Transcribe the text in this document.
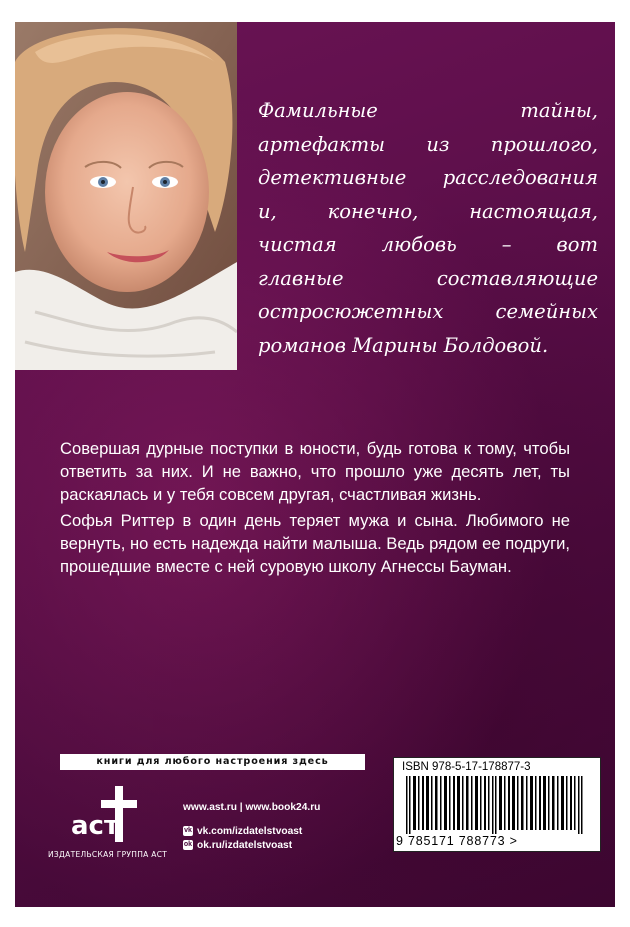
Фамильные тайны,
артефакты из прошлого,
детективные расследования
и, конечно, настоящая,
чистая любовь – вот
главные составляющие
остросюжетных семейных
романов Марины Болдовой.

Совершая дурные поступки в юности, будь готова к тому, чтобы ответить за них. И не важно, что прошло уже десять лет, ты раскаялась и у тебя совсем другая, счастливая жизнь.

Софья Риттер в один день теряет мужа и сына. Любимого не вернуть, но есть надежда найти малыша. Ведь рядом ее подруги, прошедшие вместе с ней суровую школу Агнессы Бауман.

книги для любого настроения здесь
аст
ИЗДАТЕЛЬСКАЯ ГРУППА АСТ
www.ast.ru | www.book24.ru
vk vk.com/izdatelstvoast
ok ok.ru/izdatelstvoast
ISBN 978-5-17-178877-3
9 785171 788773 >
